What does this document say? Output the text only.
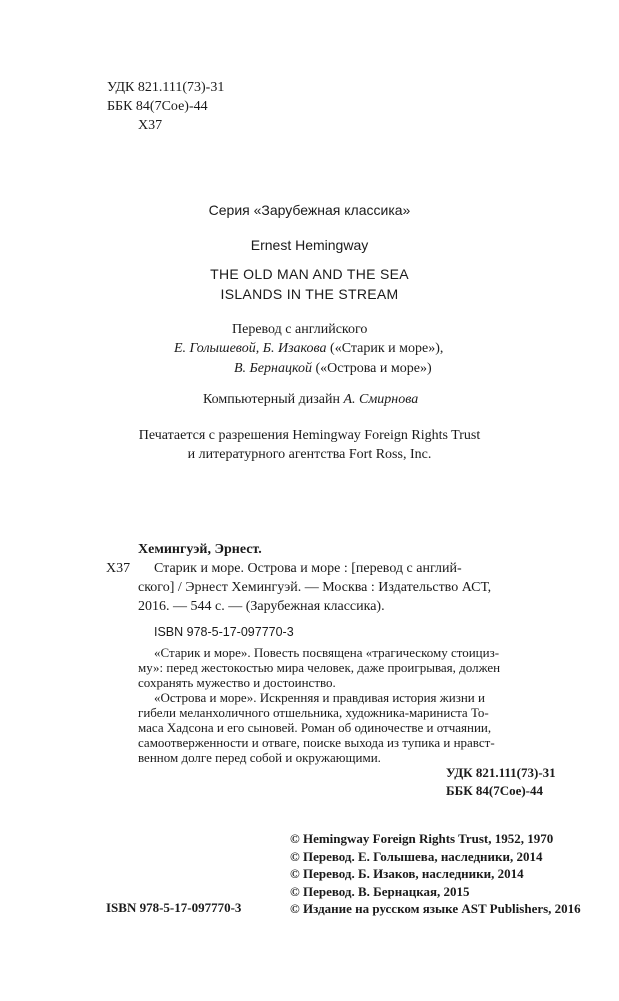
УДК 821.111(73)-31
ББК 84(7Сое)-44
Х37
Серия «Зарубежная классика»
Ernest Hemingway
THE OLD MAN AND THE SEA
ISLANDS IN THE STREAM
Перевод с английского
Е. Голышевой, Б. Изакова («Старик и море»),
В. Бернацкой («Острова и море»)
Компьютерный дизайн А. Смирнова
Печатается с разрешения Hemingway Foreign Rights Trust
и литературного агентства Fort Ross, Inc.
Хемингуэй, Эрнест.
Х37 Старик и море. Острова и море : [перевод с англий-
ского] / Эрнест Хемингуэй. — Москва : Издательство АСТ,
2016. — 544 с. — (Зарубежная классика).
ISBN 978-5-17-097770-3
«Старик и море». Повесть посвящена «трагическому стоициз-
му»: перед жестокостью мира человек, даже проигрывая, должен
сохранять мужество и достоинство.
«Острова и море». Искренняя и правдивая история жизни и
гибели меланхоличного отшельника, художника-мариниста То-
маса Хадсона и его сыновей. Роман об одиночестве и отчаянии,
самоотверженности и отваге, поиске выхода из тупика и нравст-
венном долге перед собой и окружающими.
УДК 821.111(73)-31
ББК 84(7Сое)-44
© Hemingway Foreign Rights Trust, 1952, 1970
© Перевод. Е. Голышева, наследники, 2014
© Перевод. Б. Изаков, наследники, 2014
© Перевод. В. Бернацкая, 2015
© Издание на русском языке AST Publishers, 2016
ISBN 978-5-17-097770-3
